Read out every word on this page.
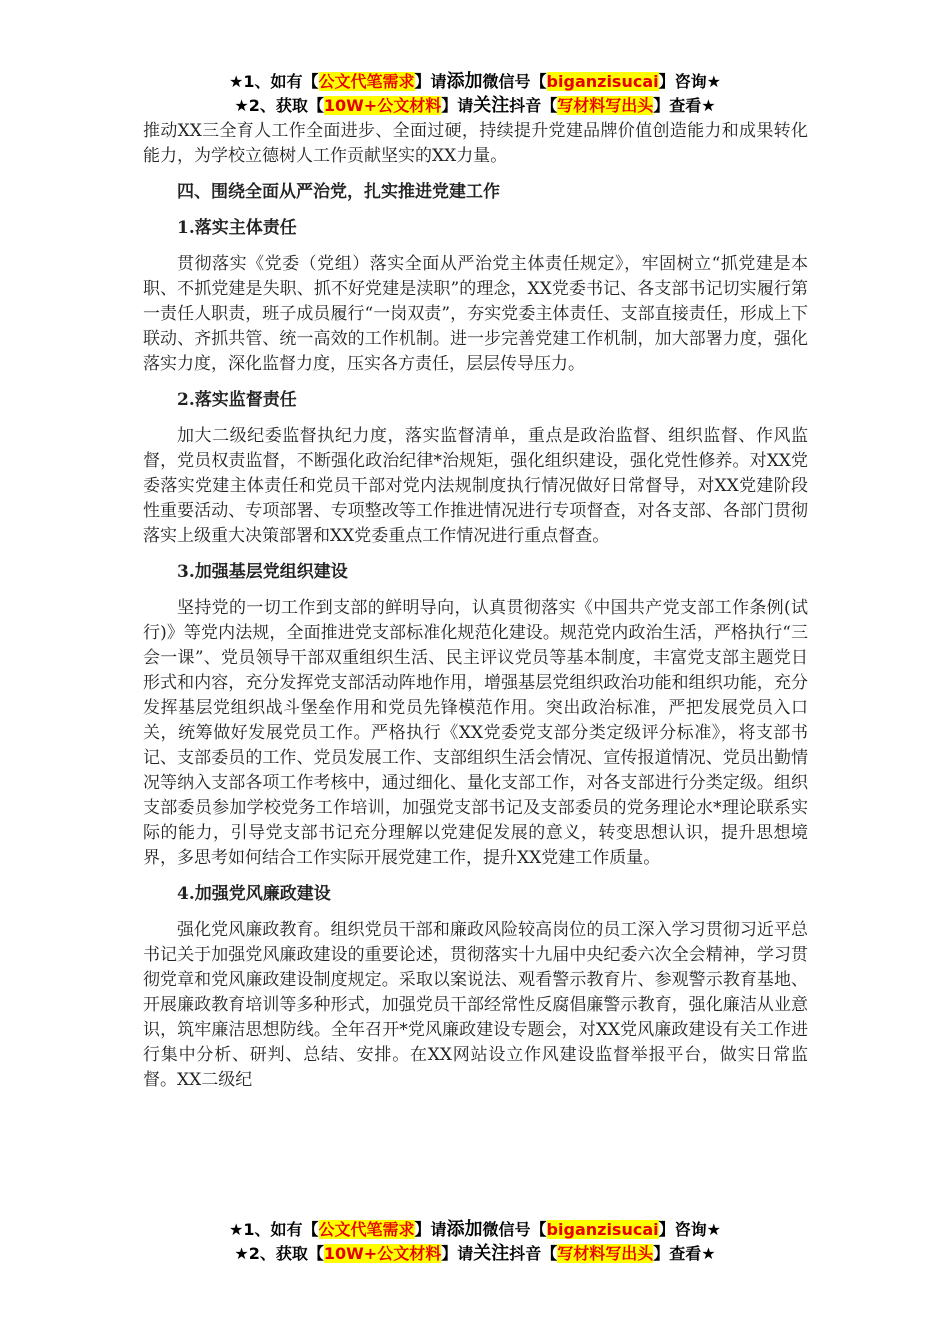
★1、如有【公文代笔需求】请添加微信号【biganzisucai】咨询★
★2、获取【10W+公文材料】请关注抖音【写材料写出头】查看★

推动XX三全育人工作全面进步、全面过硬，持续提升党建品牌价值创造能力和成果转化能力，为学校立德树人工作贡献坚实的XX力量。

四、围绕全面从严治党，扎实推进党建工作
1.落实主体责任

贯彻落实《党委（党组）落实全面从严治党主体责任规定》，牢固树立“抓党建是本职、不抓党建是失职、抓不好党建是渎职”的理念，XX党委书记、各支部书记切实履行第一责任人职责，班子成员履行“一岗双责”，夯实党委主体责任、支部直接责任，形成上下联动、齐抓共管、统一高效的工作机制。进一步完善党建工作机制，加大部署力度，强化落实力度，深化监督力度，压实各方责任，层层传导压力。

2.落实监督责任

加大二级纪委监督执纪力度，落实监督清单，重点是政治监督、组织监督、作风监督，党员权责监督，不断强化政治纪律*治规矩，强化组织建设，强化党性修养。对XX党委落实党建主体责任和党员干部对党内法规制度执行情况做好日常督导，对XX党建阶段性重要活动、专项部署、专项整改等工作推进情况进行专项督查，对各支部、各部门贯彻落实上级重大决策部署和XX党委重点工作情况进行重点督查。

3.加强基层党组织建设

坚持党的一切工作到支部的鲜明导向，认真贯彻落实《中国共产党支部工作条例(试行)》等党内法规，全面推进党支部标准化规范化建设。规范党内政治生活，严格执行“三会一课”、党员领导干部双重组织生活、民主评议党员等基本制度，丰富党支部主题党日形式和内容，充分发挥党支部活动阵地作用，增强基层党组织政治功能和组织功能，充分发挥基层党组织战斗堡垒作用和党员先锋模范作用。突出政治标准，严把发展党员入口关，统筹做好发展党员工作。严格执行《XX党委党支部分类定级评分标准》，将支部书记、支部委员的工作、党员发展工作、支部组织生活会情况、宣传报道情况、党员出勤情况等纳入支部各项工作考核中，通过细化、量化支部工作，对各支部进行分类定级。组织支部委员参加学校党务工作培训，加强党支部书记及支部委员的党务理论水*理论联系实际的能力，引导党支部书记充分理解以党建促发展的意义，转变思想认识，提升思想境界，多思考如何结合工作实际开展党建工作，提升XX党建工作质量。

4.加强党风廉政建设

强化党风廉政教育。组织党员干部和廉政风险较高岗位的员工深入学习贯彻习近平总书记关于加强党风廉政建设的重要论述，贯彻落实十九届中央纪委六次全会精神，学习贯彻党章和党风廉政建设制度规定。采取以案说法、观看警示教育片、参观警示教育基地、开展廉政教育培训等多种形式，加强党员干部经常性反腐倡廉警示教育，强化廉洁从业意识，筑牢廉洁思想防线。全年召开*党风廉政建设专题会，对XX党风廉政建设有关工作进行集中分析、研判、总结、安排。在XX网站设立作风建设监督举报平台，做实日常监督。XX二级纪

★1、如有【公文代笔需求】请添加微信号【biganzisucai】咨询★
★2、获取【10W+公文材料】请关注抖音【写材料写出头】查看★
